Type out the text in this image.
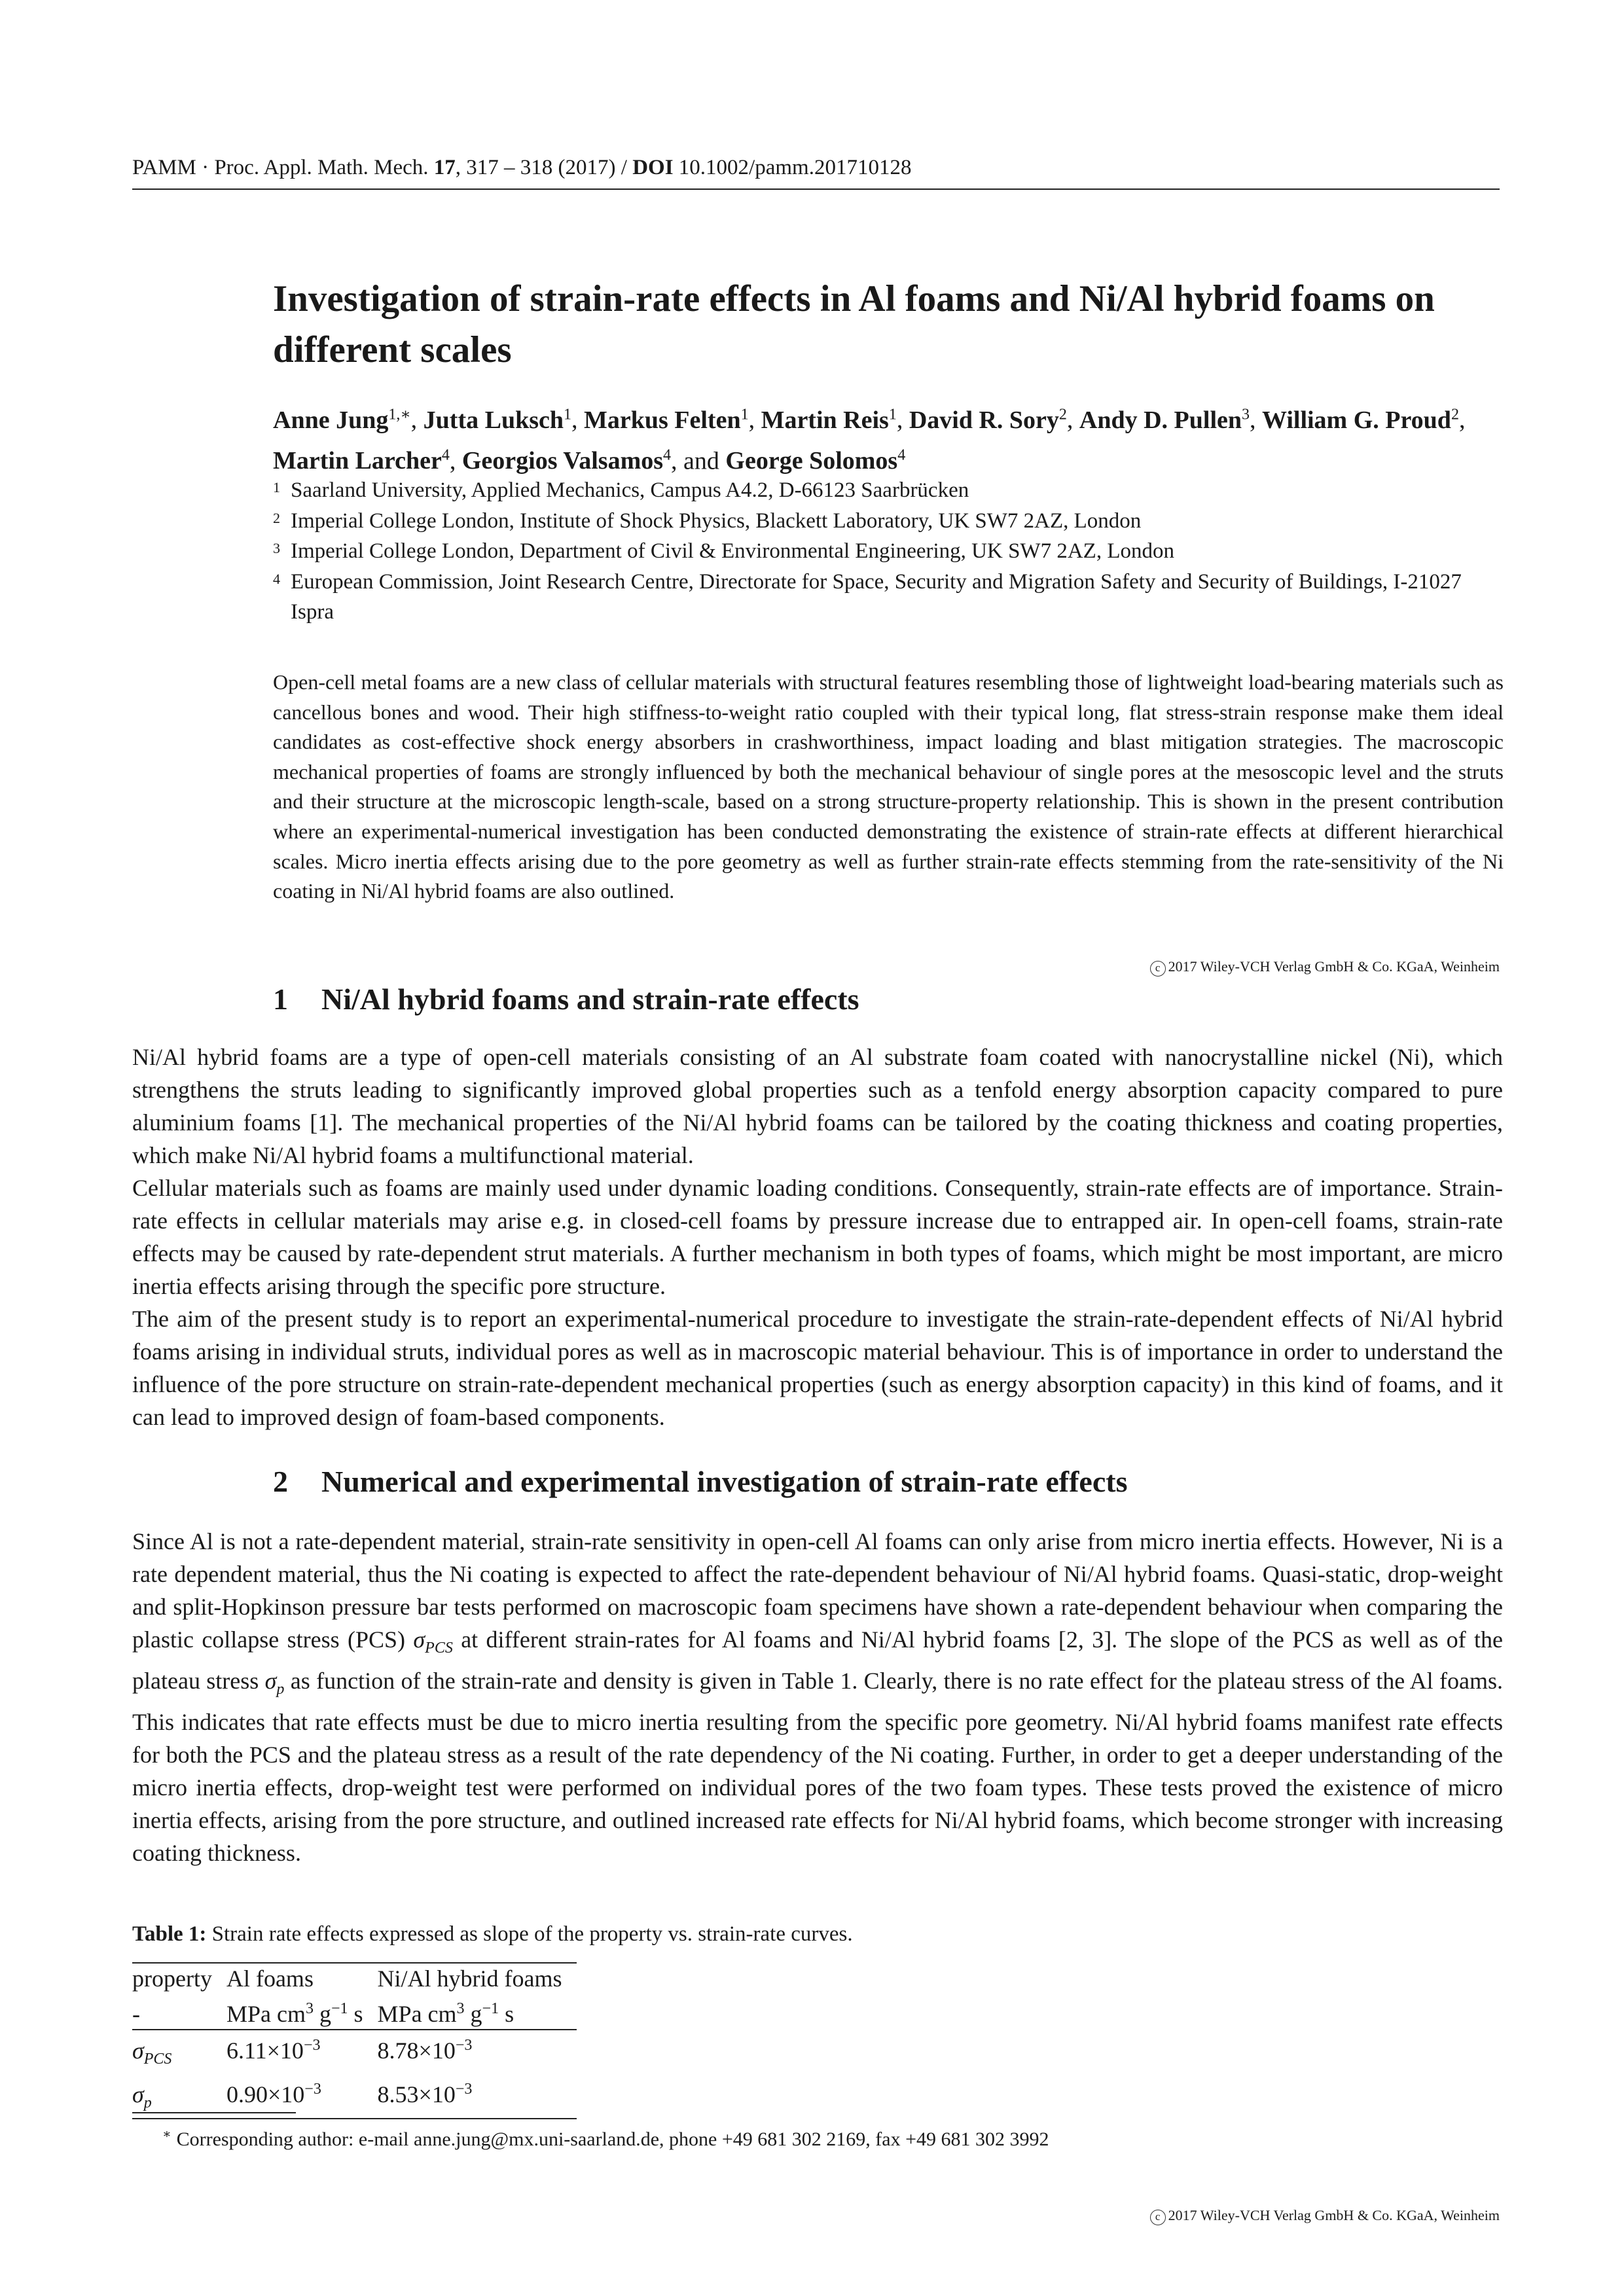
PAMM · Proc. Appl. Math. Mech. 17, 317 – 318 (2017) / DOI 10.1002/pamm.201710128
Investigation of strain-rate effects in Al foams and Ni/Al hybrid foams on different scales

Anne Jung$^{1,∗}$, Jutta Luksch$^1$, Markus Felten$^1$, Martin Reis$^1$, David R. Sory$^2$, Andy D. Pullen$^3$, William G. Proud$^2$, Martin Larcher$^4$, Georgios Valsamos$^4$, and George Solomos$^4$

1 Saarland University, Applied Mechanics, Campus A4.2, D-66123 Saarbrücken
2 Imperial College London, Institute of Shock Physics, Blackett Laboratory, UK SW7 2AZ, London
3 Imperial College London, Department of Civil & Environmental Engineering, UK SW7 2AZ, London
4 European Commission, Joint Research Centre, Directorate for Space, Security and Migration Safety and Security of Buildings, I-21027 Ispra

Open-cell metal foams are a new class of cellular materials with structural features resembling those of lightweight load-bearing materials such as cancellous bones and wood. Their high stiffness-to-weight ratio coupled with their typical long, flat stress-strain response make them ideal candidates as cost-effective shock energy absorbers in crashworthiness, impact loading and blast mitigation strategies. The macroscopic mechanical properties of foams are strongly influenced by both the mechanical behaviour of single pores at the mesoscopic level and the struts and their structure at the microscopic length-scale, based on a strong structure-property relationship. This is shown in the present contribution where an experimental-numerical investigation has been conducted demonstrating the existence of strain-rate effects at different hierarchical scales. Micro inertia effects arising due to the pore geometry as well as further strain-rate effects stemming from the rate-sensitivity of the Ni coating in Ni/Al hybrid foams are also outlined.

c 2017 Wiley-VCH Verlag GmbH & Co. KGaA, Weinheim
1 Ni/Al hybrid foams and strain-rate effects

Ni/Al hybrid foams are a type of open-cell materials consisting of an Al substrate foam coated with nanocrystalline nickel (Ni), which strengthens the struts leading to significantly improved global properties such as a tenfold energy absorption capacity compared to pure aluminium foams [1]. The mechanical properties of the Ni/Al hybrid foams can be tailored by the coating thickness and coating properties, which make Ni/Al hybrid foams a multifunctional material.

Cellular materials such as foams are mainly used under dynamic loading conditions. Consequently, strain-rate effects are of importance. Strain-rate effects in cellular materials may arise e.g. in closed-cell foams by pressure increase due to entrapped air. In open-cell foams, strain-rate effects may be caused by rate-dependent strut materials. A further mechanism in both types of foams, which might be most important, are micro inertia effects arising through the specific pore structure.

The aim of the present study is to report an experimental-numerical procedure to investigate the strain-rate-dependent effects of Ni/Al hybrid foams arising in individual struts, individual pores as well as in macroscopic material behaviour. This is of importance in order to understand the influence of the pore structure on strain-rate-dependent mechanical properties (such as energy absorption capacity) in this kind of foams, and it can lead to improved design of foam-based components.

2 Numerical and experimental investigation of strain-rate effects

Since Al is not a rate-dependent material, strain-rate sensitivity in open-cell Al foams can only arise from micro inertia effects. However, Ni is a rate dependent material, thus the Ni coating is expected to affect the rate-dependent behaviour of Ni/Al hybrid foams. Quasi-static, drop-weight and split-Hopkinson pressure bar tests performed on macroscopic foam specimens have shown a rate-dependent behaviour when comparing the plastic collapse stress (PCS) $\sigma_{PCS}$ at different strain-rates for Al foams and Ni/Al hybrid foams [2, 3]. The slope of the PCS as well as of the plateau stress $\sigma_p$ as function of the strain-rate and density is given in Table 1. Clearly, there is no rate effect for the plateau stress of the Al foams. This indicates that rate effects must be due to micro inertia resulting from the specific pore geometry. Ni/Al hybrid foams manifest rate effects for both the PCS and the plateau stress as a result of the rate dependency of the Ni coating. Further, in order to get a deeper understanding of the micro inertia effects, drop-weight test were performed on individual pores of the two foam types. These tests proved the existence of micro inertia effects, arising from the pore structure, and outlined increased rate effects for Ni/Al hybrid foams, which become stronger with increasing coating thickness.

Table 1: Strain rate effects expressed as slope of the property vs. strain-rate curves.

property	Al foams	Ni/Al hybrid foams
-	MPa $cm^3$ $g^{-1}$ s	MPa $cm^3$ $g^{-1}$ s
$\sigma_{PCS}$	$6.11\times 10^{-3}$	$8.78\times 10^{-3}$
$\sigma_p$	$0.90\times 10^{-3}$	$8.53\times 10^{-3}$

∗ Corresponding author: e-mail anne.jung@mx.uni-saarland.de, phone +49 681 302 2169, fax +49 681 302 3992

c 2017 Wiley-VCH Verlag GmbH & Co. KGaA, Weinheim
